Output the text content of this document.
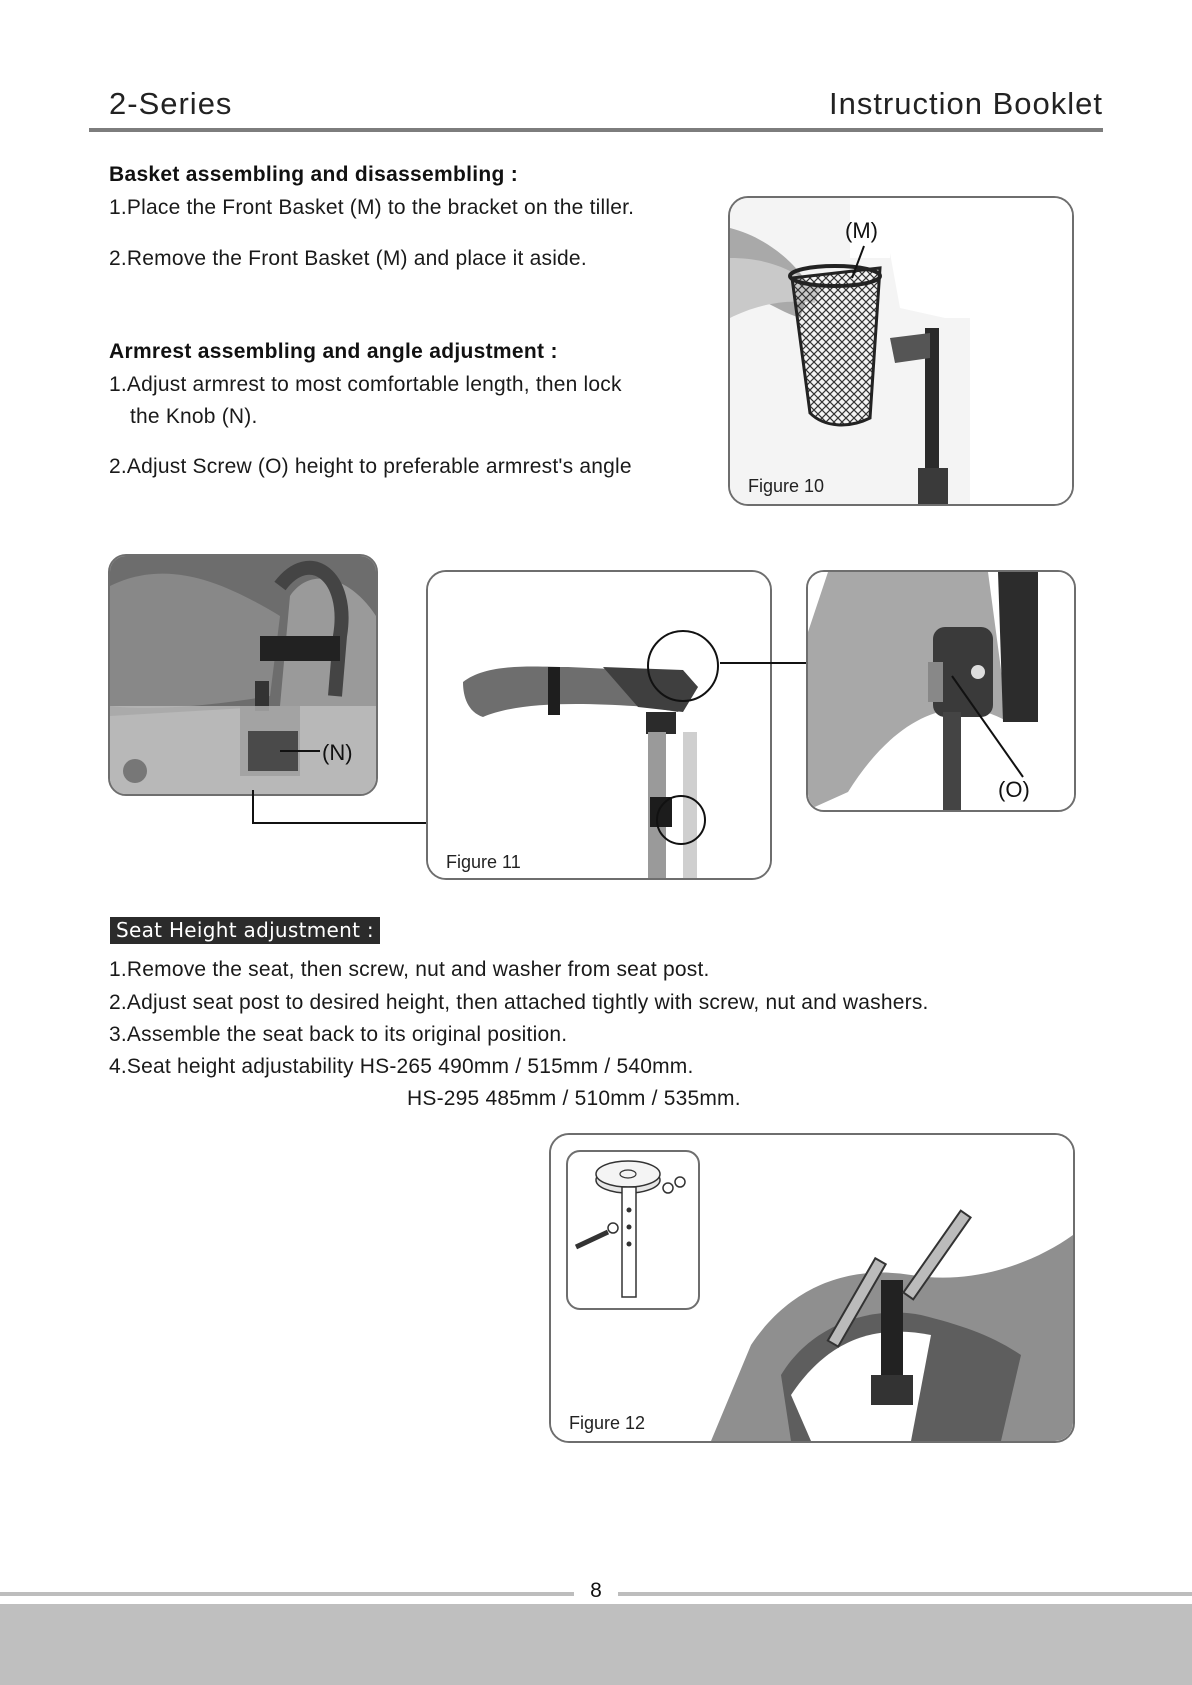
2-Series	Instruction Booklet
Basket assembling and disassembling :
1.Place the Front Basket (M) to the bracket on the tiller.
2.Remove the Front Basket (M) and place it aside.
Armrest assembling and angle adjustment :
1.Adjust armrest to most comfortable length, then lock
the Knob (N).
2.Adjust Screw (O) height to preferable armrest's angle
(M)
Figure 10
(N)
Figure 11
(O)
Seat Height adjustment :
1.Remove the seat, then screw, nut and washer from seat post.
2.Adjust seat post to desired height, then attached tightly with screw, nut and washers.
3.Assemble the seat back to its original position.
4.Seat height adjustability HS-265 490mm / 515mm / 540mm.
HS-295 485mm / 510mm / 535mm.
Figure 12
8
